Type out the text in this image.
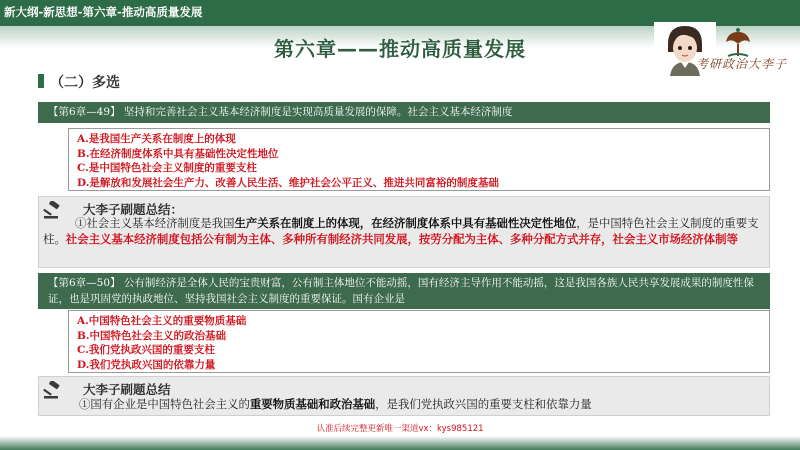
新大纲-新思想-第六章-推动高质量发展
第六章——推动高质量发展
考研政治大李子
（二）多选
【第6章—49】 坚持和完善社会主义基本经济制度是实现高质量发展的保障。社会主义基本经济制度
A.是我国生产关系在制度上的体现
B.在经济制度体系中具有基础性决定性地位
C.是中国特色社会主义制度的重要支柱
D.是解放和发展社会生产力、改善人民生活、维护社会公平正义、推进共同富裕的制度基础
大李子刷题总结：
①社会主义基本经济制度是我国生产关系在制度上的体现，在经济制度体系中具有基础性决定性地位，是中国特色社会主义制度的重要支柱。社会主义基本经济制度包括公有制为主体、多种所有制经济共同发展，按劳分配为主体、多种分配方式并存，社会主义市场经济体制等
【第6章—50】 公有制经济是全体人民的宝贵财富，公有制主体地位不能动摇，国有经济主导作用不能动摇，这是我国各族人民共享发展成果的制度性保证，也是巩固党的执政地位、坚持我国社会主义制度的重要保证。国有企业是
A.中国特色社会主义的重要物质基础
B.中国特色社会主义的政治基础
C.我们党执政兴国的重要支柱
D.我们党执政兴国的依靠力量
大李子刷题总结
①国有企业是中国特色社会主义的重要物质基础和政治基础，是我们党执政兴国的重要支柱和依靠力量
认准后续完整更新唯一渠道vx：kys985121
